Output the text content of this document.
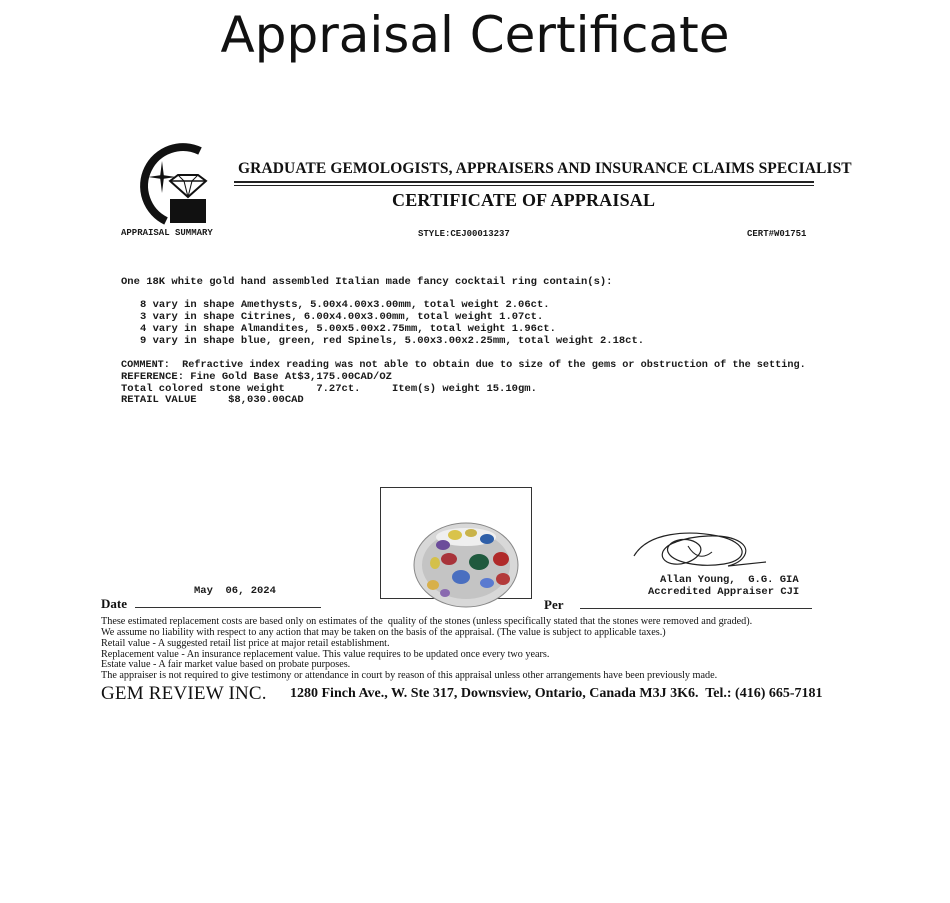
Appraisal Certificate
GRADUATE GEMOLOGISTS, APPRAISERS AND INSURANCE CLAIMS SPECIALIST
CERTIFICATE OF APPRAISAL
APPRAISAL SUMMARY	STYLE:CEJ00013237	CERT#W01751
One 18K white gold hand assembled Italian made fancy cocktail ring contain(s):
8 vary in shape Amethysts, 5.00x4.00x3.00mm, total weight 2.06ct.
3 vary in shape Citrines, 6.00x4.00x3.00mm, total weight 1.07ct.
4 vary in shape Almandites, 5.00x5.00x2.75mm, total weight 1.96ct.
9 vary in shape blue, green, red Spinels, 5.00x3.00x2.25mm, total weight 2.18ct.
COMMENT:  Refractive index reading was not able to obtain due to size of the gems or obstruction of the setting.
REFERENCE: Fine Gold Base At$3,175.00CAD/OZ
Total colored stone weight     7.27ct.     Item(s) weight 15.10gm.
RETAIL VALUE     $8,030.00CAD

Allan Young,  G.G. GIA
Accredited Appraiser CJI
May  06, 2024
Date	Per
These estimated replacement costs are based only on estimates of the  quality of the stones (unless specifically stated that the stones were removed and graded).
We assume no liability with respect to any action that may be taken on the basis of the appraisal. (The value is subject to applicable taxes.)
Retail value - A suggested retail list price at major retail establishment.
Replacement value - An insurance replacement value. This value requires to be updated once every two years.
Estate value - A fair market value based on probate purposes.
The appraiser is not required to give testimony or attendance in court by reason of this appraisal unless other arrangements have been previously made.
GEM REVIEW INC. 1280 Finch Ave., W. Ste 317, Downsview, Ontario, Canada M3J 3K6.  Tel.: (416) 665-7181
